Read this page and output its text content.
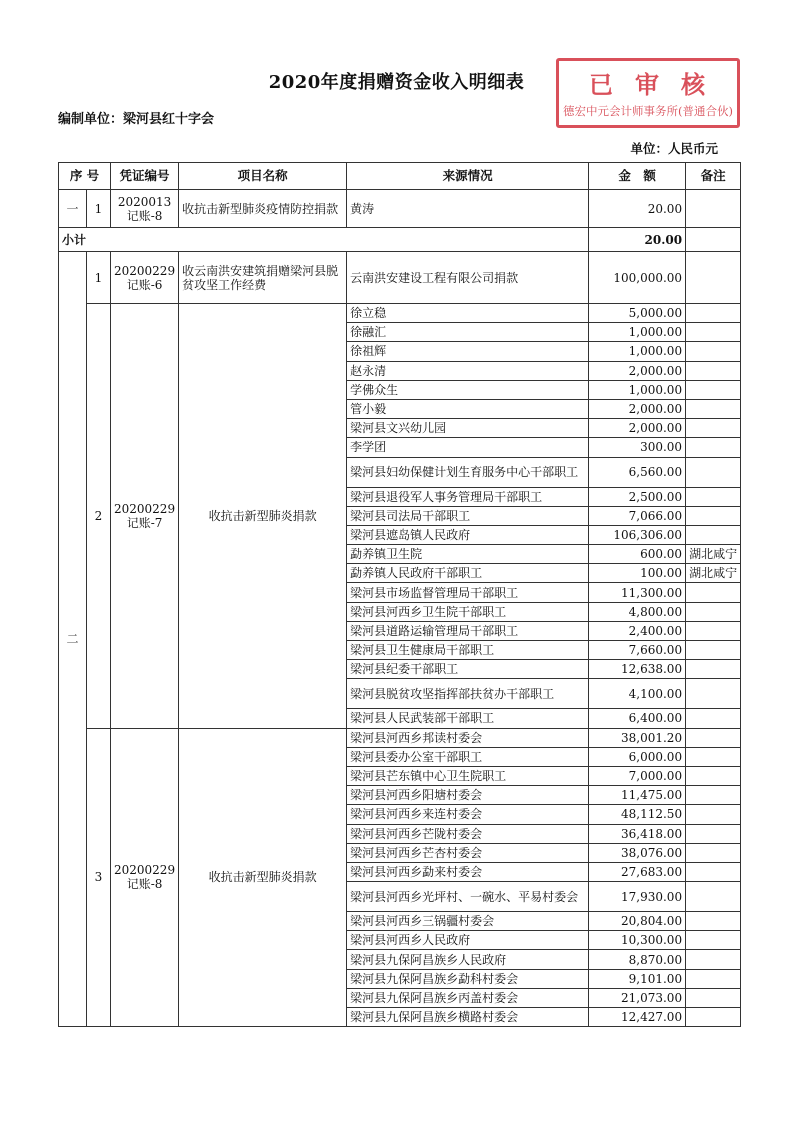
2020年度捐赠资金收入明细表	已审核
德宏中元会计师事务所(普通合伙)
编制单位：梁河县红十字会
单位：人民币元
序 号		凭证编号	项目名称	来源情况	金　额	备注
一	1	2020013记账-8	收抗击新型肺炎疫情防控捐款	黄涛	20.00	
小计					20.00	
二	1	20200229记账-6	收云南洪安建筑捐赠梁河县脱贫攻坚工作经费	云南洪安建设工程有限公司捐款	100,000.00	
	2	20200229记账-7	收抗击新型肺炎捐款	徐立稳	5,000.00	
				徐融汇	1,000.00	
				徐祖辉	1,000.00	
				赵永清	2,000.00	
				学佛众生	1,000.00	
				管小毅	2,000.00	
				梁河县文兴幼儿园	2,000.00	
				李学团	300.00	
				梁河县妇幼保健计划生育服务中心干部职工	6,560.00	
				梁河县退役军人事务管理局干部职工	2,500.00	
				梁河县司法局干部职工	7,066.00	
				梁河县遮岛镇人民政府	106,306.00	
				勐养镇卫生院	600.00	湖北咸宁
				勐养镇人民政府干部职工	100.00	湖北咸宁
				梁河县市场监督管理局干部职工	11,300.00	
				梁河县河西乡卫生院干部职工	4,800.00	
				梁河县道路运输管理局干部职工	2,400.00	
				梁河县卫生健康局干部职工	7,660.00	
				梁河县纪委干部职工	12,638.00	
				梁河县脱贫攻坚指挥部扶贫办干部职工	4,100.00	
				梁河县人民武装部干部职工	6,400.00	
	3	20200229记账-8	收抗击新型肺炎捐款	梁河县河西乡邦读村委会	38,001.20	
				梁河县委办公室干部职工	6,000.00	
				梁河县芒东镇中心卫生院职工	7,000.00	
				梁河县河西乡阳塘村委会	11,475.00	
				梁河县河西乡来连村委会	48,112.50	
				梁河县河西乡芒陇村委会	36,418.00	
				梁河县河西乡芒杏村委会	38,076.00	
				梁河县河西乡勐来村委会	27,683.00	
				梁河县河西乡光坪村、一碗水、平易村委会	17,930.00	
				梁河县河西乡三锅疆村委会	20,804.00	
				梁河县河西乡人民政府	10,300.00	
				梁河县九保阿昌族乡人民政府	8,870.00	
				梁河县九保阿昌族乡勐科村委会	9,101.00	
				梁河县九保阿昌族乡丙盖村委会	21,073.00	
				梁河县九保阿昌族乡横路村委会	12,427.00	
